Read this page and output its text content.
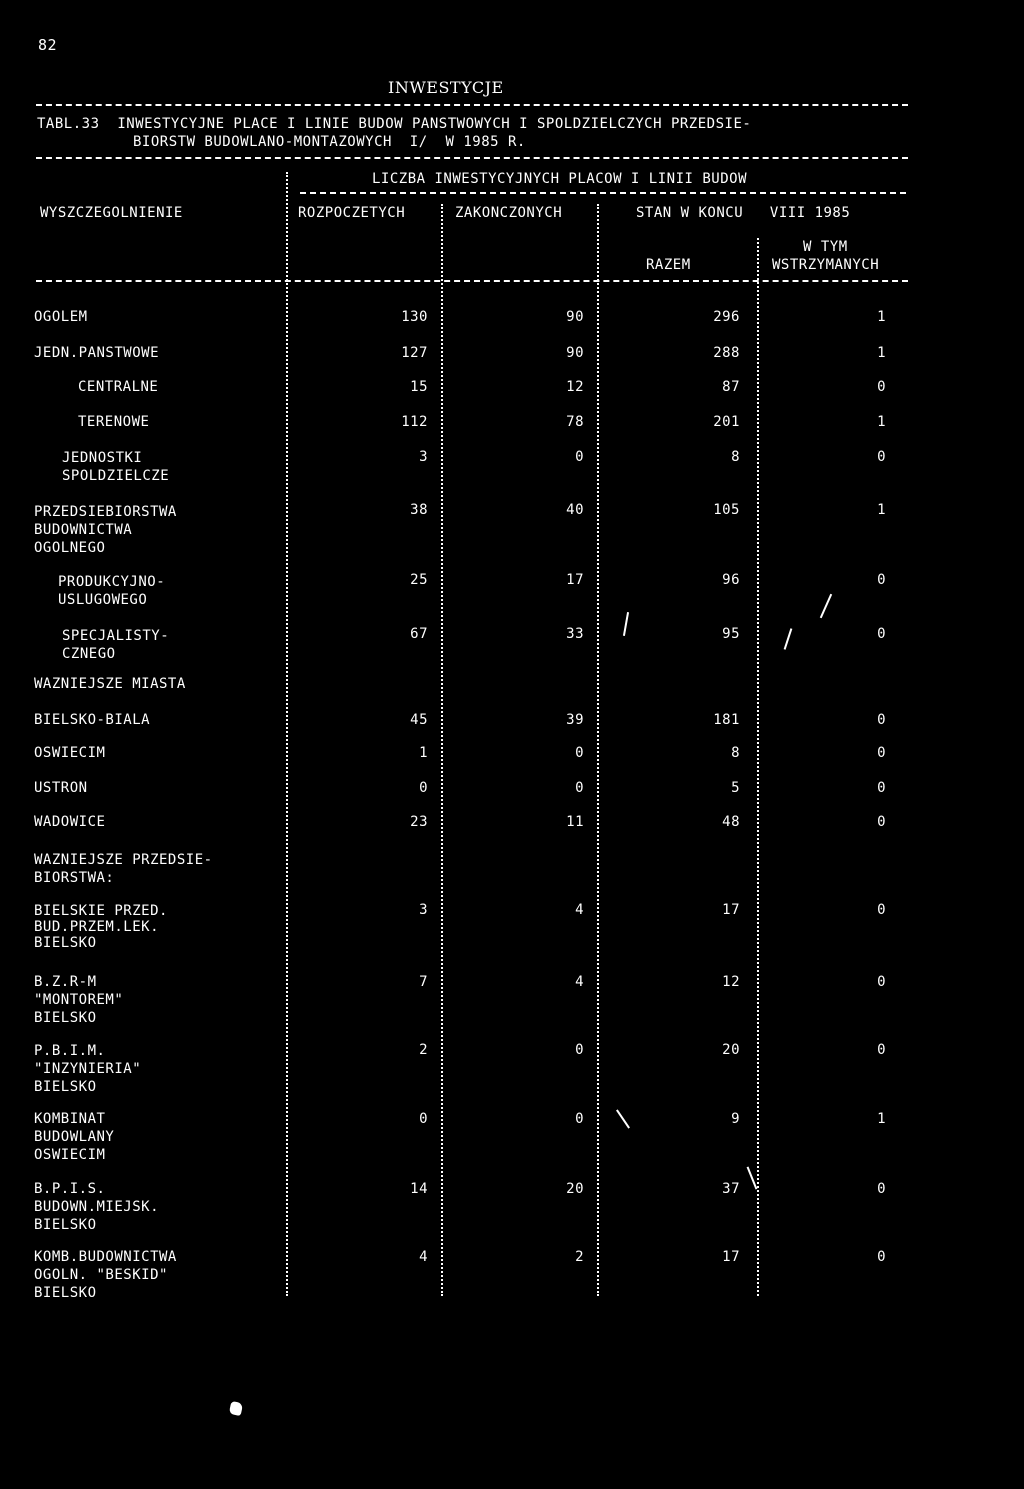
82
INWESTYCJE
TABL.33  INWESTYCYJNE PLACE I LINIE BUDOW PANSTWOWYCH I SPOLDZIELCZYCH PRZEDSIE-
BIORSTW BUDOWLANO-MONTAZOWYCH  I/  W 1985 R.
LICZBA INWESTYCYJNYCH PLACOW I LINII BUDOW
WYSZCZEGOLNIENIE	ROZPOCZETYCH	ZAKONCZONYCH	STAN W KONCU   VIII 1985
RAZEM
W TYM
WSTRZYMANYCH
OGOLEM	130	90	296	1
JEDN.PANSTWOWE	127	90	288	1
CENTRALNE	15	12	87	0
TERENOWE	112	78	201	1
JEDNOSTKI
SPOLDZIELCZE
3	0	8	0
PRZEDSIEBIORSTWA
BUDOWNICTWA
OGOLNEGO
38	40	105	1
PRODUKCYJNO-
USLUGOWEGO
25	17	96	0
SPECJALISTY-
CZNEGO
67	33	95	0
WAZNIEJSZE MIASTA
BIELSKO-BIALA	45	39	181	0
OSWIECIM	1	0	8	0
USTRON	0	0	5	0
WADOWICE	23	11	48	0
WAZNIEJSZE PRZEDSIE-
BIORSTWA:
BIELSKIE PRZED.
BUD.PRZEM.LEK.
BIELSKO
3	4	17	0
B.Z.R-M
"MONTOREM"
BIELSKO
7	4	12	0
P.B.I.M.
"INZYNIERIA"
BIELSKO
2	0	20	0
KOMBINAT
BUDOWLANY
OSWIECIM
0	0	9	1
B.P.I.S.
BUDOWN.MIEJSK.
BIELSKO
14	20	37	0
KOMB.BUDOWNICTWA
OGOLN. "BESKID"
BIELSKO
4	2	17	0
